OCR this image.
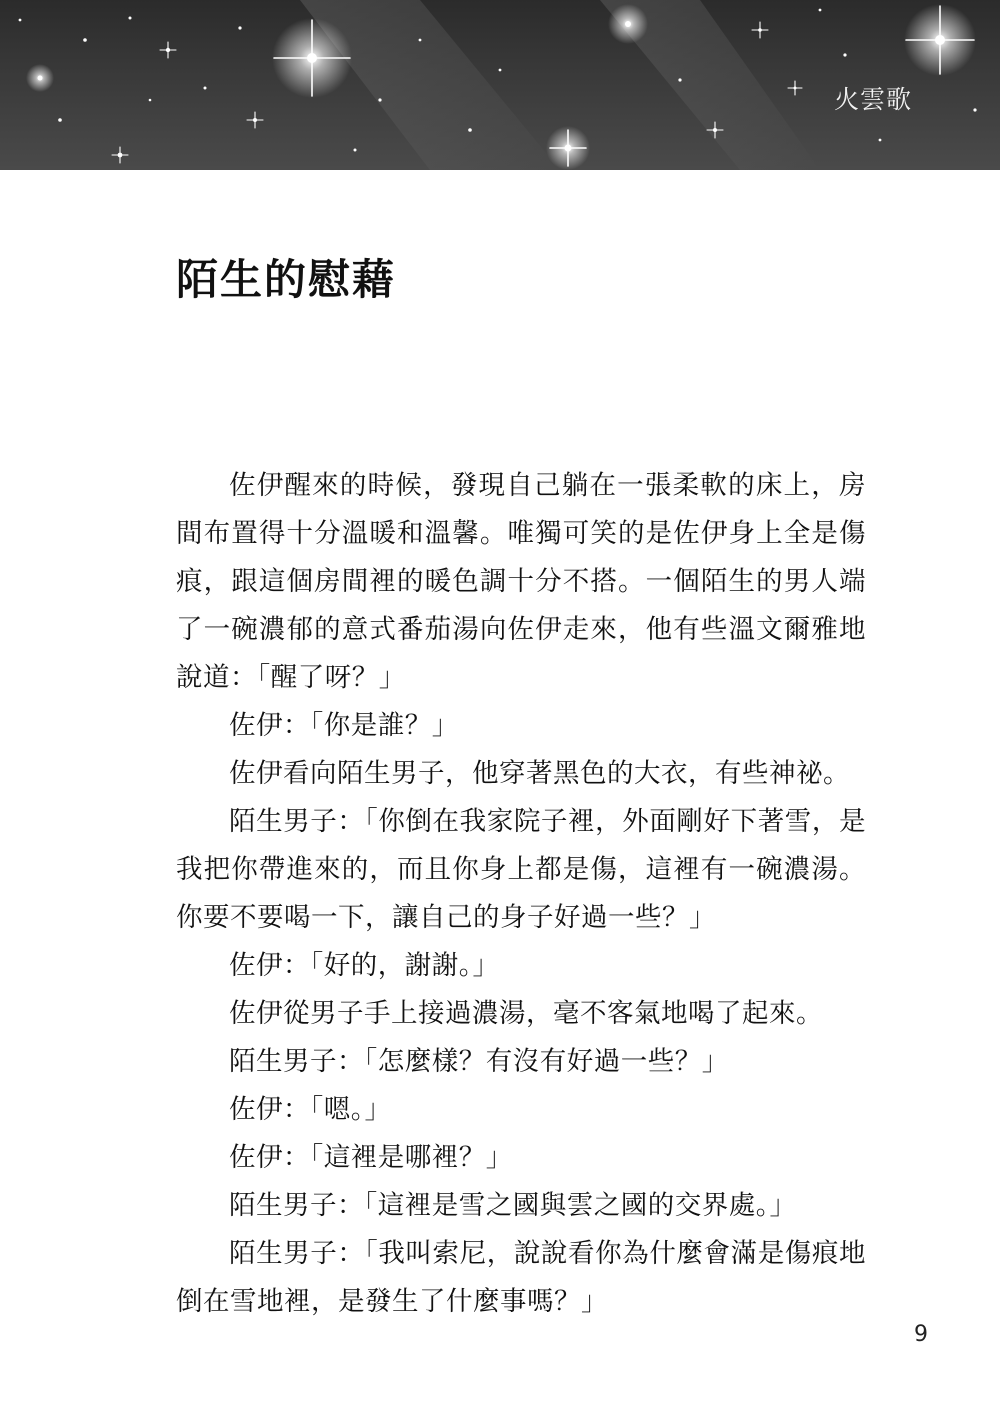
火雲歌
陌生的慰藉

佐伊醒來的時候，發現自己躺在一張柔軟的床上，房間布置得十分溫暖和溫馨。唯獨可笑的是佐伊身上全是傷痕，跟這個房間裡的暖色調十分不搭。一個陌生的男人端了一碗濃郁的意式番茄湯向佐伊走來，他有些溫文爾雅地說道：「醒了呀？」

佐伊：「你是誰？」

佐伊看向陌生男子，他穿著黑色的大衣，有些神祕。

陌生男子：「你倒在我家院子裡，外面剛好下著雪，是我把你帶進來的，而且你身上都是傷，這裡有一碗濃湯。你要不要喝一下，讓自己的身子好過一些？」

佐伊：「好的，謝謝。」

佐伊從男子手上接過濃湯，毫不客氣地喝了起來。

陌生男子：「怎麼樣？有沒有好過一些？」

佐伊：「嗯。」

佐伊：「這裡是哪裡？」

陌生男子：「這裡是雪之國與雲之國的交界處。」

陌生男子：「我叫索尼，說說看你為什麼會滿是傷痕地倒在雪地裡，是發生了什麼事嗎？」

9
